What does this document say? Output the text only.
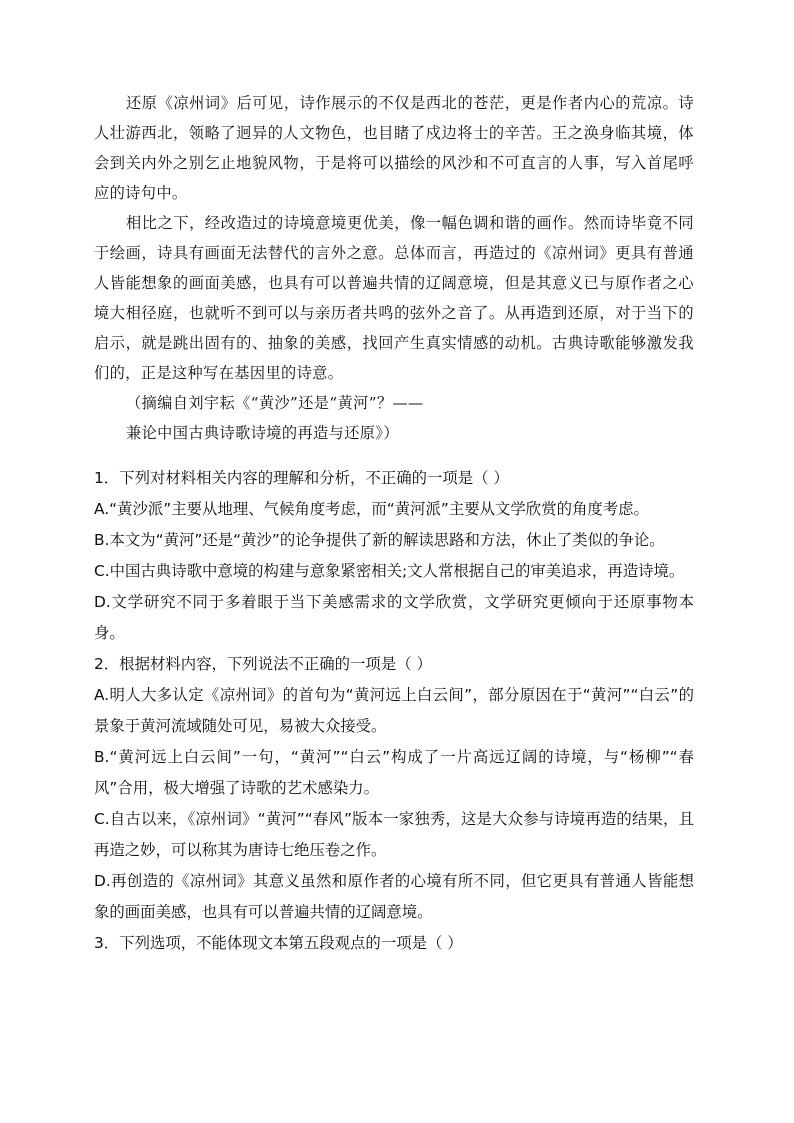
还原《凉州词》后可见，诗作展示的不仅是西北的苍茫，更是作者内心的荒凉。诗人壮游西北，领略了迥异的人文物色，也目睹了戍边将士的辛苦。王之涣身临其境，体会到关内外之别乞止地貌风物，于是将可以描绘的风沙和不可直言的人事，写入首尾呼应的诗句中。

相比之下，经改造过的诗境意境更优美，像一幅色调和谐的画作。然而诗毕竟不同于绘画，诗具有画面无法替代的言外之意。总体而言，再造过的《凉州词》更具有普通人皆能想象的画面美感，也具有可以普遍共情的辽阔意境，但是其意义已与原作者之心境大相径庭，也就听不到可以与亲历者共鸣的弦外之音了。从再造到还原，对于当下的启示，就是跳出固有的、抽象的美感，找回产生真实情感的动机。古典诗歌能够激发我们的，正是这种写在基因里的诗意。

（摘编自刘宇耘《“黄沙”还是“黄河”？——

兼论中国古典诗歌诗境的再造与还原》）

1．下列对材料相关内容的理解和分析，不正确的一项是（ ）

A.“黄沙派”主要从地理、气候角度考虑，而“黄河派”主要从文学欣赏的角度考虑。

B.本文为“黄河”还是“黄沙”的论争提供了新的解读思路和方法，休止了类似的争论。

C.中国古典诗歌中意境的构建与意象紧密相关;文人常根据自己的审美追求，再造诗境。

D.文学研究不同于多着眼于当下美感需求的文学欣赏，文学研究更倾向于还原事物本身。

2．根据材料内容，下列说法不正确的一项是（ ）

A.明人大多认定《凉州词》的首句为“黄河远上白云间”，部分原因在于“黄河”“白云”的景象于黄河流域随处可见，易被大众接受。

B.“黄河远上白云间”一句，“黄河”“白云”构成了一片高远辽阔的诗境，与“杨柳”“春风”合用，极大增强了诗歌的艺术感染力。

C.自古以来，《凉州词》“黄河”“春风”版本一家独秀，这是大众参与诗境再造的结果，且再造之妙，可以称其为唐诗七绝压卷之作。

D.再创造的《凉州词》其意义虽然和原作者的心境有所不同，但它更具有普通人皆能想象的画面美感，也具有可以普遍共情的辽阔意境。

3．下列选项，不能体现文本第五段观点的一项是（ ）
